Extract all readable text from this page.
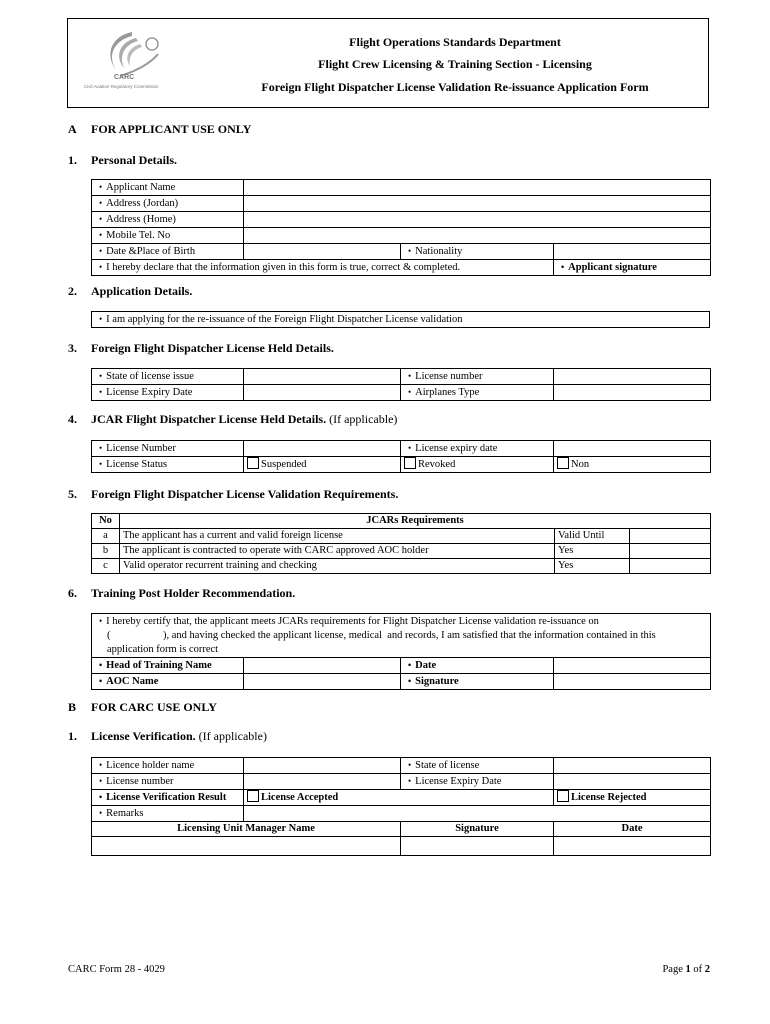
CARC
Civil Aviation Regulatory Commission
Flight Operations Standards Department
Flight Crew Licensing & Training Section - Licensing
Foreign Flight Dispatcher License Validation Re-issuance Application Form
A FOR APPLICANT USE ONLY
1. Personal Details.
• Applicant Name	
• Address (Jordan)	
• Address (Home)	
• Mobile Tel. No	
• Date &Place of Birth		• Nationality	
• I hereby declare that the information given in this form is true, correct & completed.			• Applicant signature
2. Application Details.
• I am applying for the re-issuance of the Foreign Flight Dispatcher License validation
3. Foreign Flight Dispatcher License Held Details.
• State of license issue		• License number	
• License Expiry Date		• Airplanes Type	
4. JCAR Flight Dispatcher License Held Details. (If applicable)
• License Number		• License expiry date	
• License Status	Suspended	Revoked	Non
5. Foreign Flight Dispatcher License Validation Requirements.
No	JCARs Requirements		
a	The applicant has a current and valid foreign license	Valid Until	
b	The applicant is contracted to operate with CARC approved AOC holder	Yes	
c	Valid operator recurrent training and checking	Yes	
6. Training Post Holder Recommendation.
• I hereby certify that, the applicant meets JCARs requirements for Flight Dispatcher License validation re-issuance on
(                    ), and having checked the applicant license, medical  and records, I am satisfied that the information contained in this
application form is correct

• Head of Training Name		• Date	
• AOC Name		• Signature	
B FOR CARC USE ONLY
1. License Verification. (If applicable)
• Licence holder name		• State of license	
• License number		• License Expiry Date	
• License Verification Result	License Accepted		License Rejected
• Remarks	
Licensing Unit Manager Name		Signature	Date

CARC Form 28 - 4029	Page 1 of 2
